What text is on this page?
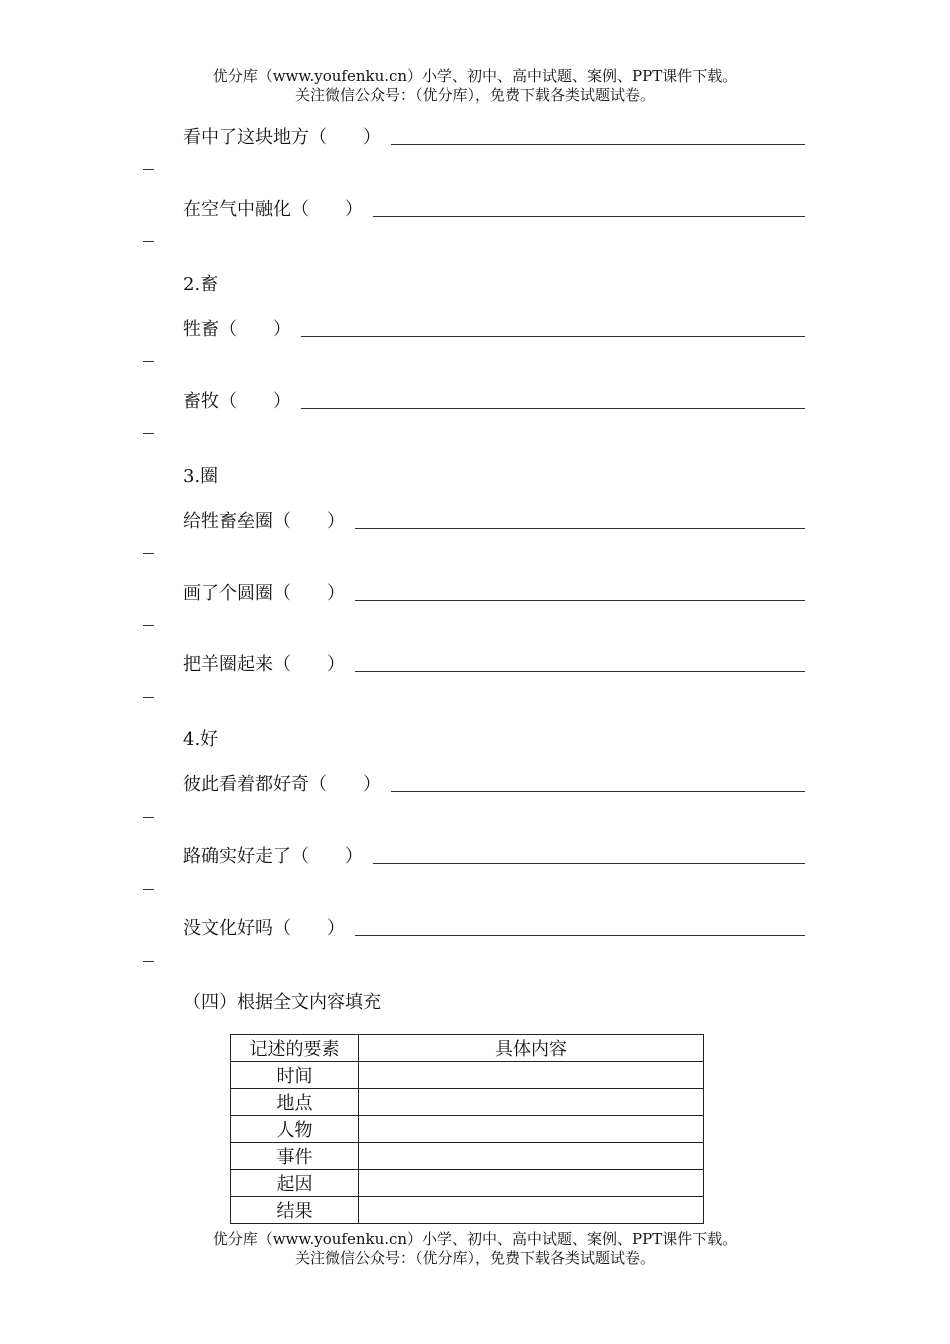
优分库（www.youfenku.cn）小学、初中、高中试题、案例、PPT课件下载。
关注微信公众号：（优分库），免费下载各类试题试卷。
看中了这块地方 （　　）
在空气中融化 （　　）
2.畜
牲畜 （　　）
畜牧 （　　）
3.圈
给牲畜垒圈 （　　）
画了个圆圈 （　　）
把羊圈起来 （　　）
4.好
彼此看着都好奇 （　　）
路确实好走了 （　　）
没文化好吗 （　　）
（四）根据全文内容填充
记述的要素	具体内容
时间	
地点	
人物	
事件	
起因	
结果	
优分库（www.youfenku.cn）小学、初中、高中试题、案例、PPT课件下载。
关注微信公众号：（优分库），免费下载各类试题试卷。
